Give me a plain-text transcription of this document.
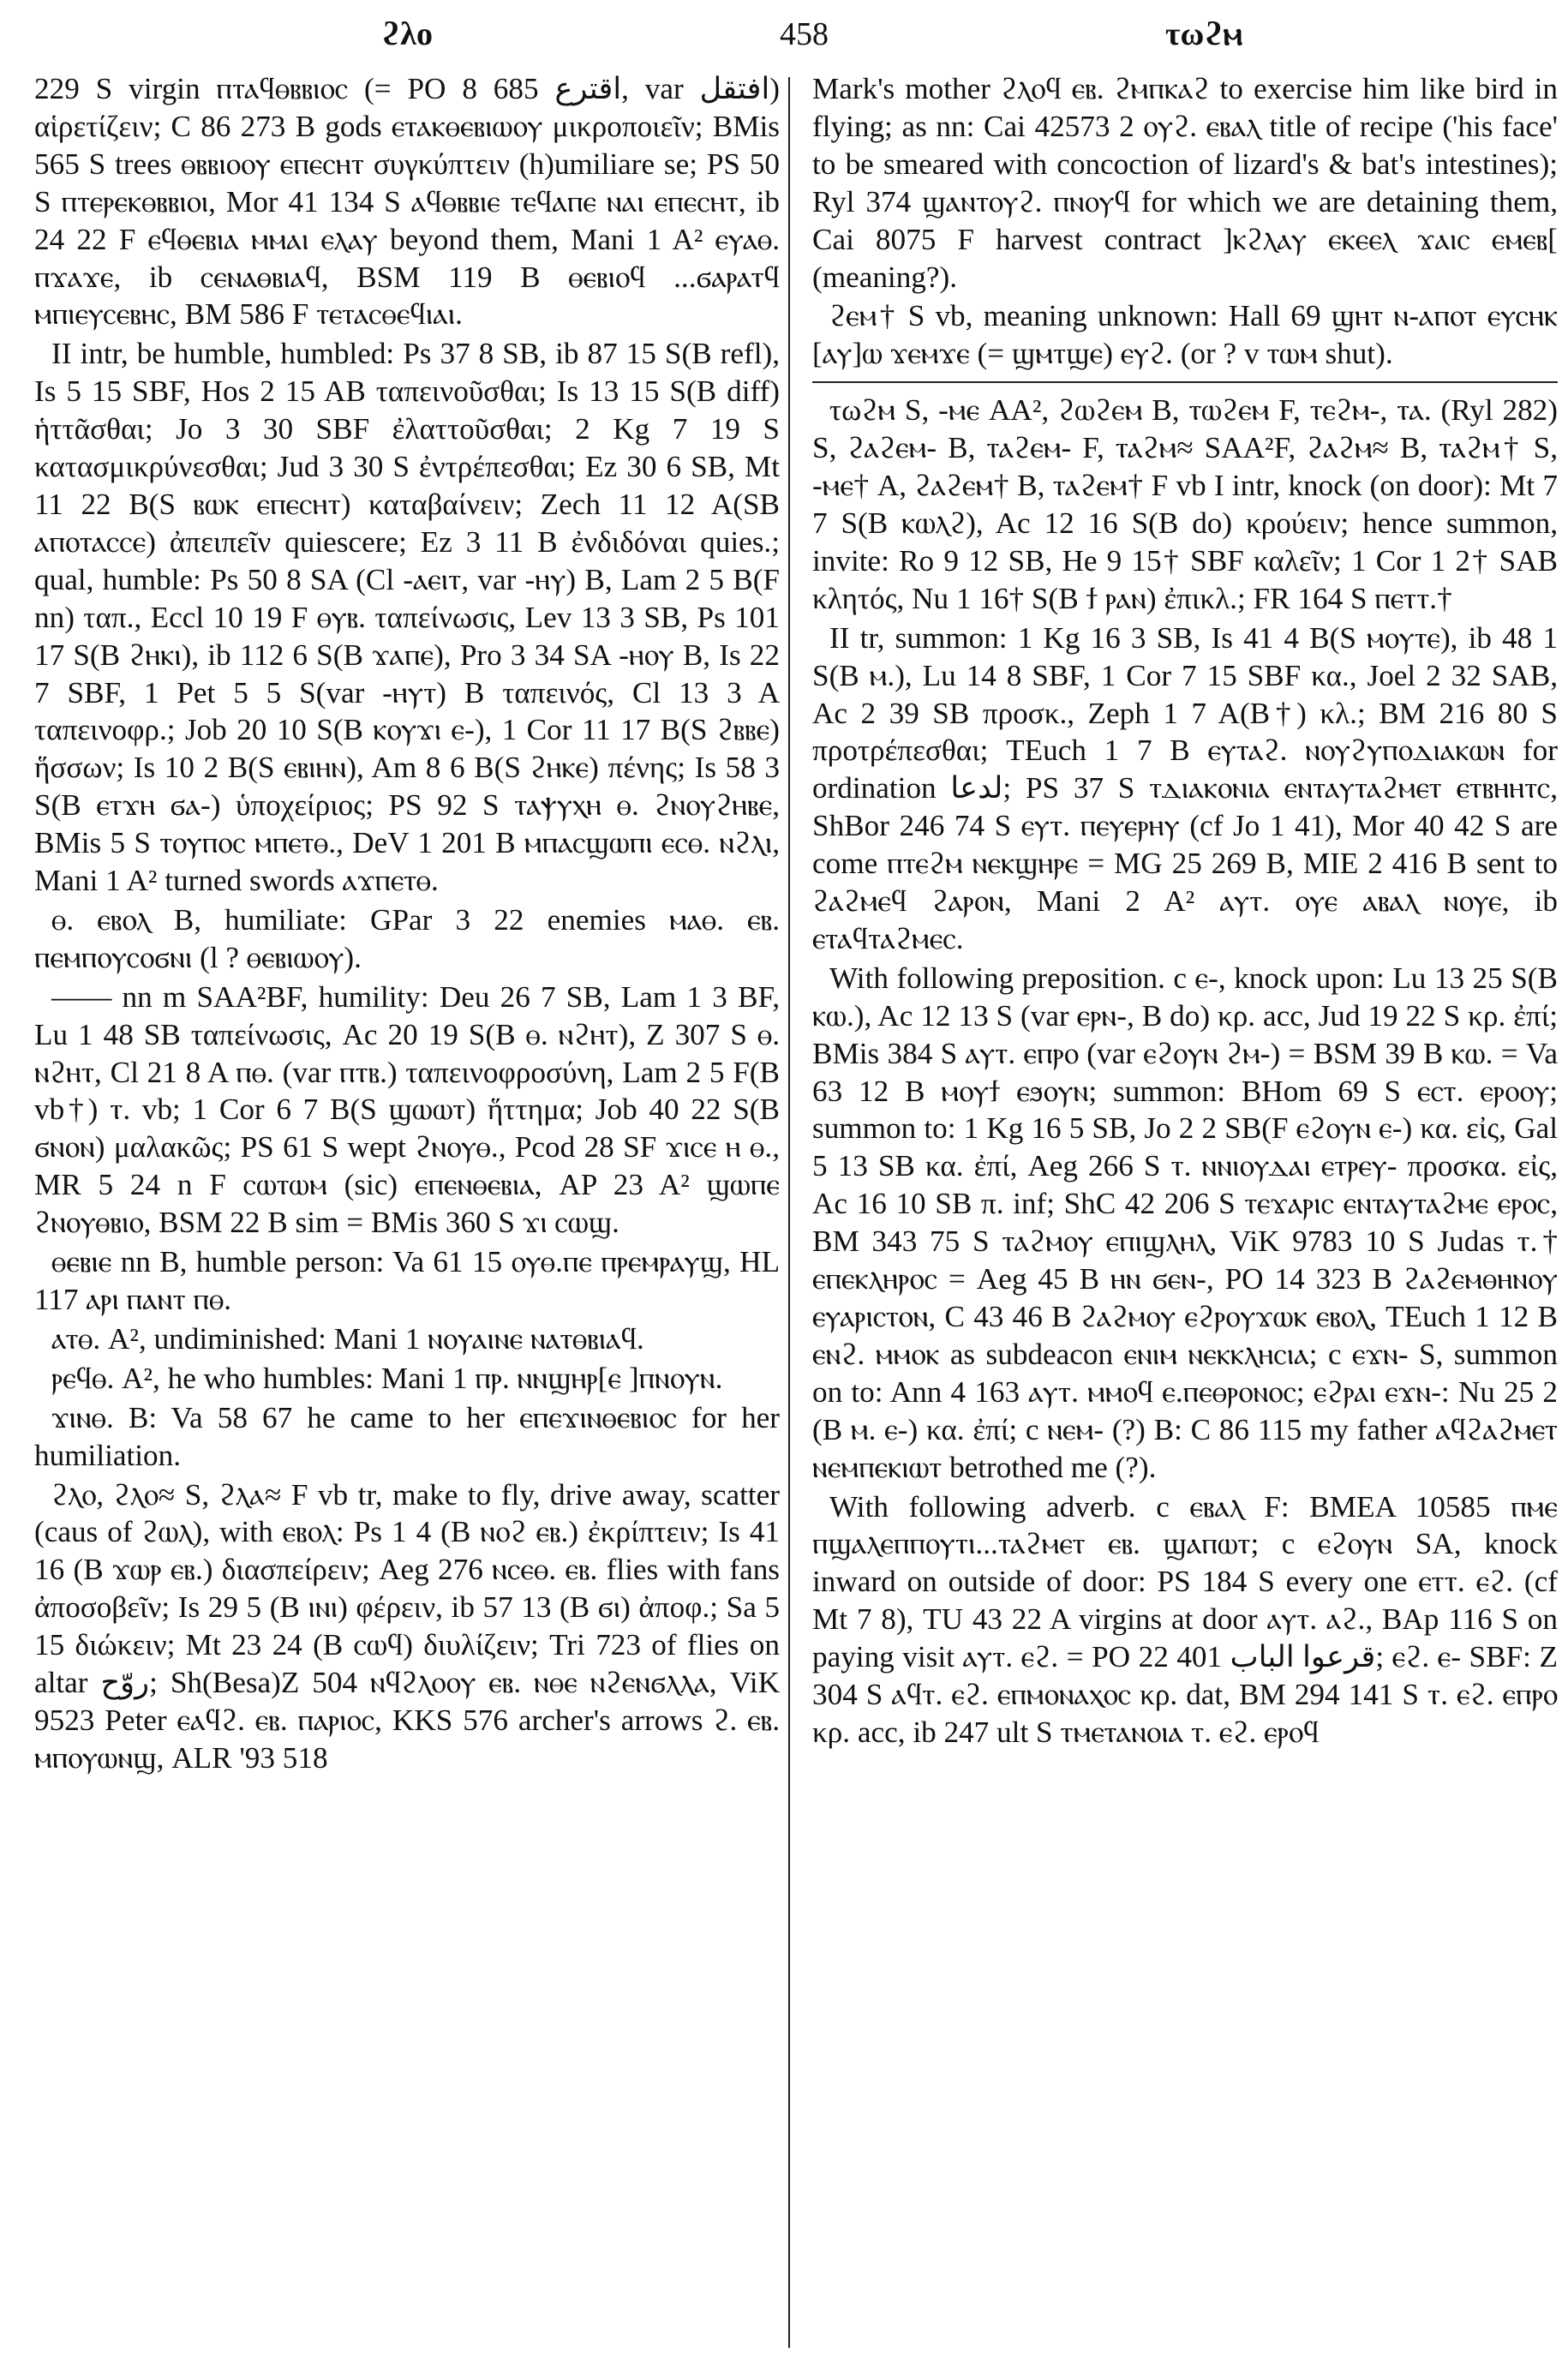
ϩλο	458	τωϩⲙ

229 S virgin ⲡⲧⲁϥⲑⲃⲃⲓⲟⲥ (= PO 8 685 اقترع, var افتقل) αἱρετίζειν; C 86 273 B gods ⲉⲧⲁⲕⲑⲉⲃⲓⲱⲟⲩ μικροποιεῖν; BMis 565 S trees ⲑⲃⲃⲓⲟⲟⲩ ⲉⲡⲉⲥⲏⲧ συγκύπτειν (h)umiliare se; PS 50 S ⲡⲧⲉⲣⲉⲕⲑⲃⲃⲓⲟⲓ, Mor 41 134 S ⲁϥⲑⲃⲃⲓⲉ ⲧⲉϥⲁⲡⲉ ⲛⲁⲓ ⲉⲡⲉⲥⲏⲧ, ib 24 22 F ⲉϥⲑⲉⲃⲓⲁ ⲙⲙⲁⲓ ⲉⲗⲁⲩ beyond them, Mani 1 A² ⲉⲩⲁⲑ. ⲡϫⲁϫⲉ, ib ⲥⲉⲛⲁⲑⲃⲓⲁϥ, BSM 119 B ⲑⲉⲃⲓⲟϥ ...ϭⲁⲣⲁⲧϥ ⲙⲡⲓⲉⲩⲥⲉⲃⲏⲥ, BM 586 F ⲧⲉⲧⲁⲥⲑⲉϥⲓⲁⲓ.

II intr, be humble, humbled: Ps 37 8 SB, ib 87 15 S(B refl), Is 5 15 SBF, Hos 2 15 AB ταπεινοῦσθαι; Is 13 15 S(B diff) ἡττᾶσθαι; Jo 3 30 SBF ἐλαττοῦσθαι; 2 Kg 7 19 S κατασμικρύνεσθαι; Jud 3 30 S ἐντρέπεσθαι; Ez 30 6 SB, Mt 11 22 B(S ⲃⲱⲕ ⲉⲡⲉⲥⲏⲧ) καταβαίνειν; Zech 11 12 A(SB ⲁⲡⲟⲧⲁⲥⲥⲉ) ἀπειπεῖν quiescere; Ez 3 11 B ἐνδιδόναι quies.; qual, humble: Ps 50 8 SA (Cl -ⲁⲉⲓⲧ, var -ⲏⲩ) B, Lam 2 5 B(F nn) ταπ., Eccl 10 19 F ⲑⲩⲃ. ταπείνωσις, Lev 13 3 SB, Ps 101 17 S(B ϩⲏⲕⲓ), ib 112 6 S(B ϫⲁⲡⲉ), Pro 3 34 SA -ⲏⲟⲩ B, Is 22 7 SBF, 1 Pet 5 5 S(var -ⲏⲩⲧ) B ταπεινός, Cl 13 3 A ταπεινοφρ.; Job 20 10 S(B ⲕⲟⲩϫⲓ ⲉ-), 1 Cor 11 17 B(S ϩⲃⲃⲉ) ἥσσων; Is 10 2 B(S ⲉⲃⲓⲏⲛ), Am 8 6 B(S ϩⲏⲕⲉ) πένης; Is 58 3 S(B ⲉⲧϫⲏ ϭⲁ-) ὑποχείριος; PS 92 S ⲧⲁⲯⲩⲭⲏ ⲑ. ϩⲛⲟⲩϩⲏⲃⲉ, BMis 5 S ⲧⲟⲩⲡⲟⲥ ⲙⲡⲉⲧⲑ., DeV 1 201 B ⲙⲡⲁⲥϣⲱⲡⲓ ⲉⲥⲑ. ⲛϩⲗⲓ, Mani 1 A² turned swords ⲁϫⲡⲉⲧⲑ.

ⲑ. ⲉⲃⲟⲗ B, humiliate: GPar 3 22 enemies ⲙⲁⲑ. ⲉⲃ. ⲡⲉⲙⲡⲟⲩⲥⲟϭⲛⲓ (l ? ⲑⲉⲃⲓⲱⲟⲩ).

—— nn m SAA²BF, humility: Deu 26 7 SB, Lam 1 3 BF, Lu 1 48 SB ταπείνωσις, Ac 20 19 S(B ⲑ. ⲛϩⲏⲧ), Z 307 S ⲑ. ⲛϩⲏⲧ, Cl 21 8 A ⲡⲑ. (var ⲡⲧⲃ.) ταπεινοφροσύνη, Lam 2 5 F(B vb†) ⲧ. vb; 1 Cor 6 7 B(S ϣⲱⲱⲧ) ἥττημα; Job 40 22 S(B ϭⲛⲟⲛ) μαλακῶς; PS 61 S wept ϩⲛⲟⲩⲑ., Pcod 28 SF ϫⲓⲥⲉ ⲏ ⲑ., MR 5 24 n F ⲥⲱⲧⲱⲙ (sic) ⲉⲡⲉⲛⲑⲉⲃⲓⲁ, AP 23 A² ϣⲱⲡⲉ ϩⲛⲟⲩⲑⲃⲓⲟ, BSM 22 B sim = BMis 360 S ϫⲓ ⲥⲱϣ.

ⲑⲉⲃⲓⲉ nn B, humble person: Va 61 15 ⲟⲩⲑ.ⲡⲉ ⲡⲣⲉⲙⲣⲁⲩϣ, HL 117 ⲁⲣⲓ ⲡⲁⲛⲧ ⲡⲑ.

ⲁⲧⲑ. A², undiminished: Mani 1 ⲛⲟⲩⲁⲓⲛⲉ ⲛⲁⲧⲑⲃⲓⲁϥ.

ⲣⲉϥⲑ. A², he who humbles: Mani 1 ⲡⲣ. ⲛⲛϣⲏⲣ[ⲉ ]ⲡⲛⲟⲩⲛ.

ϫⲓⲛⲑ. B: Va 58 67 he came to her ⲉⲡⲉϫⲓⲛⲑⲉⲃⲓⲟⲥ for her humiliation.

ϩⲗⲟ, ϩⲗⲟ≈ S, ϩⲗⲁ≈ F vb tr, make to fly, drive away, scatter (caus of ϩⲱⲗ), with ⲉⲃⲟⲗ: Ps 1 4 (B ⲛⲟϩ ⲉⲃ.) ἐκρίπτειν; Is 41 16 (B ϫⲱⲣ ⲉⲃ.) διασπείρειν; Aeg 276 ⲛⲥⲉⲑ. ⲉⲃ. flies with fans ἀποσοβεῖν; Is 29 5 (B ⲓⲛⲓ) φέρειν, ib 57 13 (B ϭⲓ) ἀποφ.; Sa 5 15 διώκειν; Mt 23 24 (B ⲥⲱϥ) διυλίζειν; Tri 723 of flies on altar روّح; Sh(Besa)Z 504 ⲛϥϩⲗⲟⲟⲩ ⲉⲃ. ⲛⲑⲉ ⲛϩⲉⲛϭⲗⲗⲁ, ViK 9523 Peter ⲉⲁϥϩ. ⲉⲃ. ⲡⲁⲣⲓⲟⲥ, KKS 576 archer's arrows ϩ. ⲉⲃ. ⲙⲡⲟⲩⲱⲛϣ, ALR '93 518

Mark's mother ϩⲗⲟϥ ⲉⲃ. ϩⲙⲡⲕⲁϩ to exercise him like bird in flying; as nn: Cai 42573 2 ⲟⲩϩ. ⲉⲃⲁⲗ title of recipe ('his face' to be smeared with concoction of lizard's & bat's intestines); Ryl 374 ϣⲁⲛⲧⲟⲩϩ. ⲡⲛⲟⲩϥ for which we are detaining them, Cai 8075 F harvest contract ]ⲕϩⲗⲁⲩ ⲉⲕⲉⲉⲗ ϫⲁⲓⲥ ⲉⲙⲉⲃ[ (meaning?).

ϩⲉⲙ† S vb, meaning unknown: Hall 69 ϣⲏⲧ ⲛ-ⲁⲡⲟⲧ ⲉⲩⲥⲏⲕ [ⲁⲩ]ⲱ ϫⲉⲙϫⲉ (= ϣⲙⲧϣⲉ) ⲉⲩϩ. (or ? v ⲧⲱⲙ shut).

τωϩⲙ S, -ⲙⲉ AA², ϩⲱϩⲉⲙ B, ⲧⲱϩⲉⲙ F, ⲧⲉϩⲙ-, ⲧⲁ. (Ryl 282) S, ϩⲁϩⲉⲙ- B, ⲧⲁϩⲉⲙ- F, ⲧⲁϩⲙ≈ SAA²F, ϩⲁϩⲙ≈ B, ⲧⲁϩⲙ† S, -ⲙⲉ† A, ϩⲁϩⲉⲙ† B, ⲧⲁϩⲉⲙ† F vb I intr, knock (on door): Mt 7 7 S(B ⲕⲱⲗϩ), Ac 12 16 S(B do) κρούειν; hence summon, invite: Ro 9 12 SB, He 9 15† SBF καλεῖν; 1 Cor 1 2† SAB κλητός, Nu 1 16† S(B ϯ ⲣⲁⲛ) ἐπικλ.; FR 164 S ⲡⲉⲧⲧ.†

II tr, summon: 1 Kg 16 3 SB, Is 41 4 B(S ⲙⲟⲩⲧⲉ), ib 48 1 S(B ⲙ.), Lu 14 8 SBF, 1 Cor 7 15 SBF κα., Joel 2 32 SAB, Ac 2 39 SB προσκ., Zeph 1 7 A(B†) κλ.; BM 216 80 S προτρέπεσθαι; TEuch 1 7 B ⲉⲩⲧⲁϩ. ⲛⲟⲩϩⲩⲡⲟⲇⲓⲁⲕⲱⲛ for ordination لدعا; PS 37 S ⲧⲇⲓⲁⲕⲟⲛⲓⲁ ⲉⲛⲧⲁⲩⲧⲁϩⲙⲉⲧ ⲉⲧⲃⲏⲏⲧⲥ, ShBor 246 74 S ⲉⲩⲧ. ⲡⲉⲩⲉⲣⲏⲩ (cf Jo 1 41), Mor 40 42 S are come ⲡⲧⲉϩⲙ ⲛⲉⲕϣⲏⲣⲉ = MG 25 269 B, MIE 2 416 B sent to ϩⲁϩⲙⲉϥ ϩⲁⲣⲟⲛ, Mani 2 A² ⲁⲩⲧ. ⲟⲩⲉ ⲁⲃⲁⲗ ⲛⲟⲩⲉ, ib ⲉⲧⲁϥⲧⲁϩⲙⲉⲥ.

With following preposition. c ⲉ-, knock upon: Lu 13 25 S(B ⲕⲱ.), Ac 12 13 S (var ⲉⲣⲛ-, B do) κρ. acc, Jud 19 22 S κρ. ἐπί; BMis 384 S ⲁⲩⲧ. ⲉⲡⲣⲟ (var ⲉϩⲟⲩⲛ ϩⲙ-) = BSM 39 B ⲕⲱ. = Va 63 12 B ⲙⲟⲩϯ ⲉϧⲟⲩⲛ; summon: BHom 69 S ⲉⲥⲧ. ⲉⲣⲟⲟⲩ; summon to: 1 Kg 16 5 SB, Jo 2 2 SB(F ⲉϩⲟⲩⲛ ⲉ-) κα. εἰς, Gal 5 13 SB κα. ἐπί, Aeg 266 S ⲧ. ⲛⲛⲓⲟⲩⲇⲁⲓ ⲉⲧⲣⲉⲩ- προσκα. εἰς, Ac 16 10 SB π. inf; ShC 42 206 S ⲧⲉϫⲁⲣⲓⲥ ⲉⲛⲧⲁⲩⲧⲁϩⲙⲉ ⲉⲣⲟⲥ, BM 343 75 S ⲧⲁϩⲙⲟⲩ ⲉⲡⲓϣⲗⲏⲗ, ViK 9783 10 S Judas ⲧ.† ⲉⲡⲉⲕⲗⲏⲣⲟⲥ = Aeg 45 B ⲏⲛ ϭⲉⲛ-, PO 14 323 B ϩⲁϩⲉⲙⲑⲏⲛⲟⲩ ⲉⲩⲁⲣⲓⲥⲧⲟⲛ, C 43 46 B ϩⲁϩⲙⲟⲩ ⲉϩⲣⲟⲩϫⲱⲕ ⲉⲃⲟⲗ, TEuch 1 12 B ⲉⲛϩ. ⲙⲙⲟⲕ as subdeacon ⲉⲛⲓⲙ ⲛⲉⲕⲕⲗⲏⲥⲓⲁ; c ⲉϫⲛ- S, summon on to: Ann 4 163 ⲁⲩⲧ. ⲙⲙⲟϥ ⲉ.ⲡⲉⲑⲣⲟⲛⲟⲥ; ⲉϩⲣⲁⲓ ⲉϫⲛ-: Nu 25 2 (B ⲙ. ⲉ-) κα. ἐπί; c ⲛⲉⲙ- (?) B: C 86 115 my father ⲁϥϩⲁϩⲙⲉⲧ ⲛⲉⲙⲡⲉⲕⲓⲱⲧ betrothed me (?).

With following adverb. c ⲉⲃⲁⲗ F: BMEA 10585 ⲡⲙⲉ ⲡϣⲁⲗⲉⲡⲡⲟⲩⲧⲓ...ⲧⲁϩⲙⲉⲧ ⲉⲃ. ϣⲁⲡⲱⲧ; c ⲉϩⲟⲩⲛ SA, knock inward on outside of door: PS 184 S every one ⲉⲧⲧ. ⲉϩ. (cf Mt 7 8), TU 43 22 A virgins at door ⲁⲩⲧ. ⲁϩ., BAp 116 S on paying visit ⲁⲩⲧ. ⲉϩ. = PO 22 401 قرعوا الباب; ⲉϩ. ⲉ- SBF: Z 304 S ⲁϥⲧ. ⲉϩ. ⲉⲡⲙⲟⲛⲁⲭⲟⲥ κρ. dat, BM 294 141 S ⲧ. ⲉϩ. ⲉⲡⲣⲟ κρ. acc, ib 247 ult S ⲧⲙⲉⲧⲁⲛⲟⲓⲁ ⲧ. ⲉϩ. ⲉⲣⲟϥ
